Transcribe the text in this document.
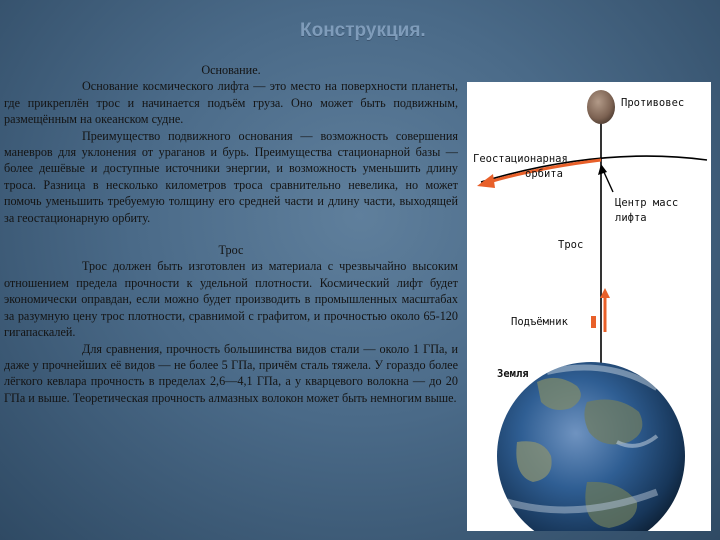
Конструкция.

Основание.

Основание космического лифта — это место на поверхности планеты, где прикреплён трос и начинается подъём груза. Оно может быть подвижным, размещённым на океанском судне.

Преимущество подвижного основания — возможность совершения маневров для уклонения от ураганов и бурь. Преимущества стационарной базы — более дешёвые и доступные источники энергии, и возможность уменьшить длину троса. Разница в несколько километров троса сравнительно невелика, но может помочь уменьшить требуемую толщину его средней части и длину части, выходящей за геостационарную орбиту.

Трос

Трос должен быть изготовлен из материала с чрезвычайно высоким отношением предела прочности к удельной плотности. Космический лифт будет экономически оправдан, если можно будет производить в промышленных масштабах за разумную цену трос плотности, сравнимой с графитом, и прочностью около 65-120 гигапаскалей.

Для сравнения, прочность большинства видов стали — около 1 ГПа, и даже у прочнейших её видов — не более 5 ГПа, причём сталь тяжела. У гораздо более лёгкого кевлара прочность в пределах 2,6—4,1 ГПа, а у кварцевого волокна — до 20 ГПа и выше. Теоретическая прочность алмазных волокон может быть немногим выше.

Противовес
Геостационарная
орбита
Центр масс
лифта
Трос
Подъёмник
Земля
